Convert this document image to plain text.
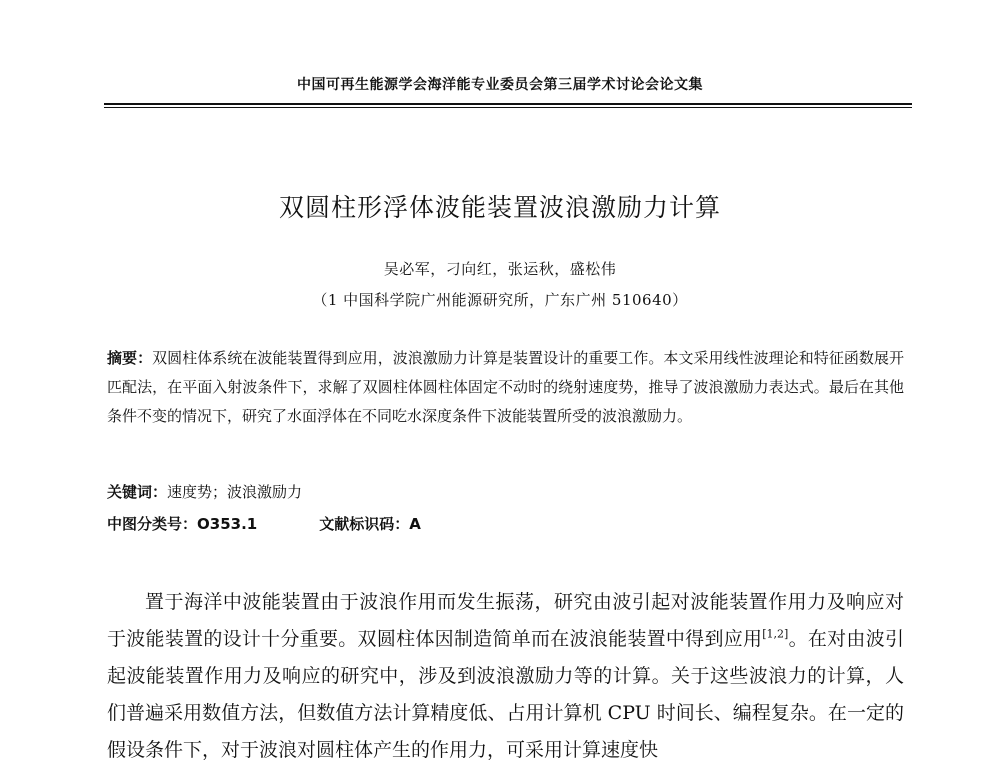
中国可再生能源学会海洋能专业委员会第三届学术讨论会论文集
双圆柱形浮体波能装置波浪激励力计算
吴必军，刁向红，张运秋，盛松伟
（1 中国科学院广州能源研究所，广东广州 510640）
摘要：双圆柱体系统在波能装置得到应用，波浪激励力计算是装置设计的重要工作。本文采用线性波理论和特征函数展开匹配法，在平面入射波条件下，求解了双圆柱体圆柱体固定不动时的绕射速度势，推导了波浪激励力表达式。最后在其他条件不变的情况下，研究了水面浮体在不同吃水深度条件下波能装置所受的波浪激励力。
关键词：速度势；波浪激励力
中图分类号：O353.1	文献标识码：A
置于海洋中波能装置由于波浪作用而发生振荡，研究由波引起对波能装置作用力及响应对于波能装置的设计十分重要。双圆柱体因制造简单而在波浪能装置中得到应用[1,2]。在对由波引起波能装置作用力及响应的研究中，涉及到波浪激励力等的计算。关于这些波浪力的计算，人们普遍采用数值方法，但数值方法计算精度低、占用计算机 CPU 时间长、编程复杂。在一定的假设条件下，对于波浪对圆柱体产生的作用力，可采用计算速度快
